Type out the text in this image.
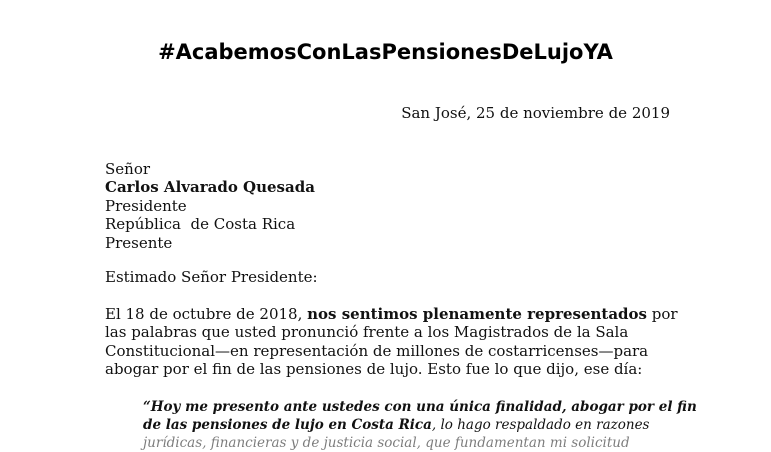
#AcabemosConLasPensionesDeLujoYA
San José, 25 de noviembre de 2019
Señor
Carlos Alvarado Quesada
Presidente
República  de Costa Rica
Presente
Estimado Señor Presidente:
El 18 de octubre de 2018, nos sentimos plenamente representados por
las palabras que usted pronunció frente a los Magistrados de la Sala
Constitucional—en representación de millones de costarricenses—para
abogar por el fin de las pensiones de lujo. Esto fue lo que dijo, ese día:
“Hoy me presento ante ustedes con una única finalidad, abogar por el fin
de las pensiones de lujo en Costa Rica, lo hago respaldado en razones
jurídicas, financieras y de justicia social, que fundamentan mi solicitud
